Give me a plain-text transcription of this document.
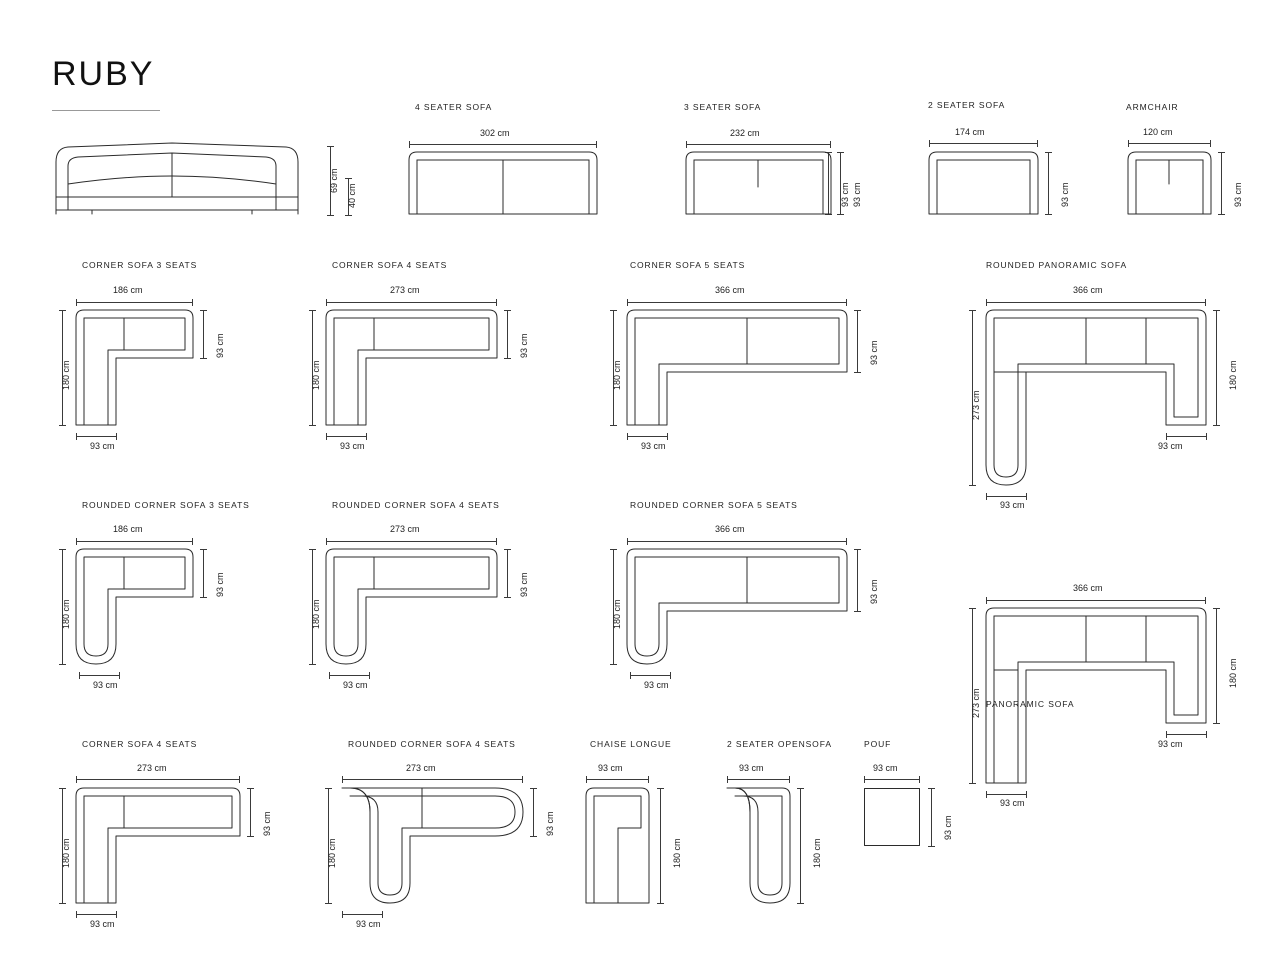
RUBY
69 cm
40 cm
4 SEATER SOFA
302 cm
3 SEATER SOFA
232 cm
93 cm
93 cm
2 SEATER SOFA
174 cm
93 cm
ARMCHAIR
120 cm
93 cm
CORNER SOFA 3 SEATS
186 cm
180 cm
93 cm
93 cm
CORNER SOFA 4 SEATS
273 cm
180 cm
93 cm
93 cm
CORNER SOFA 5 SEATS
366 cm
180 cm
93 cm
93 cm
ROUNDED PANORAMIC SOFA
366 cm
273 cm
180 cm
93 cm
93 cm
ROUNDED CORNER SOFA 3 SEATS
186 cm
180 cm
93 cm
93 cm
ROUNDED CORNER SOFA 4 SEATS
273 cm
180 cm
93 cm
93 cm
ROUNDED CORNER SOFA 5 SEATS
366 cm
180 cm
93 cm
93 cm
PANORAMIC SOFA
366 cm
273 cm
180 cm
93 cm
93 cm
CORNER SOFA 4 SEATS
273 cm
180 cm
93 cm
93 cm
ROUNDED CORNER SOFA 4 SEATS
273 cm
180 cm
93 cm
93 cm
CHAISE LONGUE
93 cm
180 cm
2 SEATER OPENSOFA
93 cm
180 cm
POUF
93 cm
93 cm
